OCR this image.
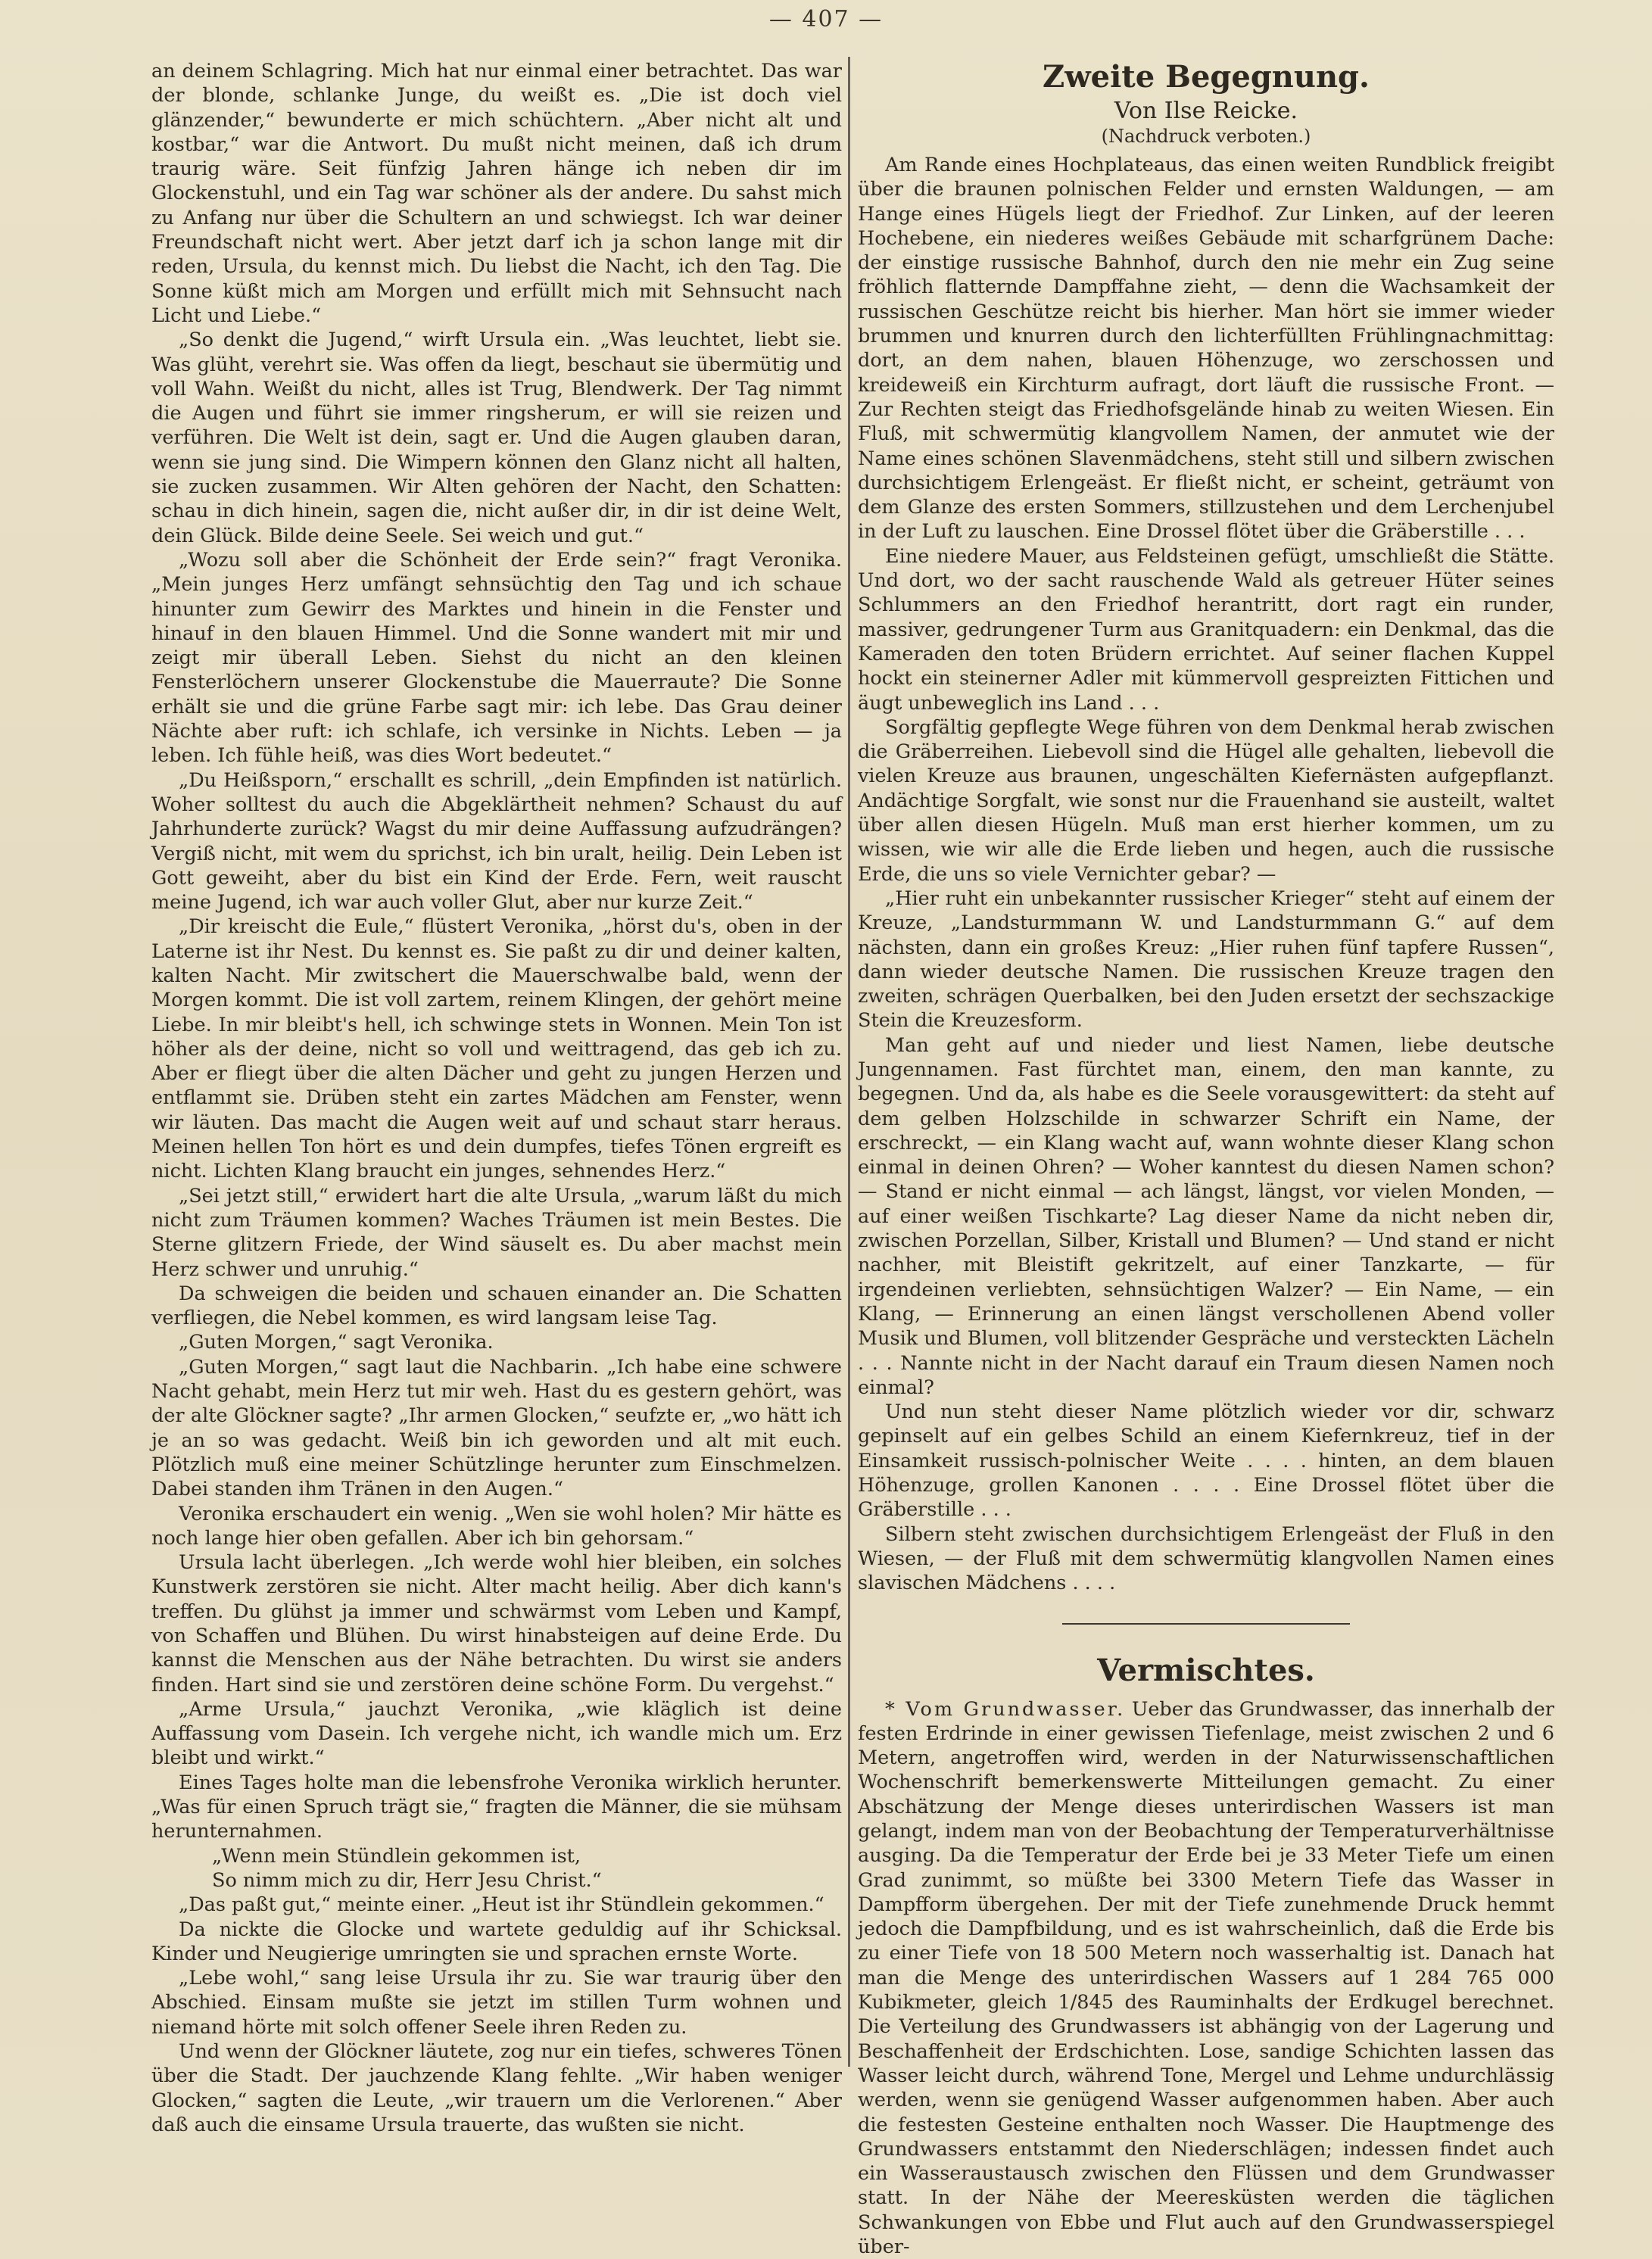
— 407 —

an deinem Schlagring. Mich hat nur einmal einer betrachtet. Das war der blonde, schlanke Junge, du weißt es. „Die ist doch viel glänzender,“ bewunderte er mich schüchtern. „Aber nicht alt und kostbar,“ war die Antwort. Du mußt nicht meinen, daß ich drum traurig wäre. Seit fünfzig Jahren hänge ich neben dir im Glockenstuhl, und ein Tag war schöner als der andere. Du sahst mich zu Anfang nur über die Schultern an und schwiegst. Ich war deiner Freundschaft nicht wert. Aber jetzt darf ich ja schon lange mit dir reden, Ursula, du kennst mich. Du liebst die Nacht, ich den Tag. Die Sonne küßt mich am Morgen und erfüllt mich mit Sehnsucht nach Licht und Liebe.“

„So denkt die Jugend,“ wirft Ursula ein. „Was leuchtet, liebt sie. Was glüht, verehrt sie. Was offen da liegt, beschaut sie übermütig und voll Wahn. Weißt du nicht, alles ist Trug, Blendwerk. Der Tag nimmt die Augen und führt sie immer ringsherum, er will sie reizen und verführen. Die Welt ist dein, sagt er. Und die Augen glauben daran, wenn sie jung sind. Die Wimpern können den Glanz nicht all halten, sie zucken zusammen. Wir Alten gehören der Nacht, den Schatten: schau in dich hinein, sagen die, nicht außer dir, in dir ist deine Welt, dein Glück. Bilde deine Seele. Sei weich und gut.“

„Wozu soll aber die Schönheit der Erde sein?“ fragt Veronika. „Mein junges Herz umfängt sehnsüchtig den Tag und ich schaue hinunter zum Gewirr des Marktes und hinein in die Fenster und hinauf in den blauen Himmel. Und die Sonne wandert mit mir und zeigt mir überall Leben. Siehst du nicht an den kleinen Fensterlöchern unserer Glockenstube die Mauerraute? Die Sonne erhält sie und die grüne Farbe sagt mir: ich lebe. Das Grau deiner Nächte aber ruft: ich schlafe, ich versinke in Nichts. Leben — ja leben. Ich fühle heiß, was dies Wort bedeutet.“

„Du Heißsporn,“ erschallt es schrill, „dein Empfinden ist natürlich. Woher solltest du auch die Abgeklärtheit nehmen? Schaust du auf Jahrhunderte zurück? Wagst du mir deine Auffassung aufzudrängen? Vergiß nicht, mit wem du sprichst, ich bin uralt, heilig. Dein Leben ist Gott geweiht, aber du bist ein Kind der Erde. Fern, weit rauscht meine Jugend, ich war auch voller Glut, aber nur kurze Zeit.“

„Dir kreischt die Eule,“ flüstert Veronika, „hörst du's, oben in der Laterne ist ihr Nest. Du kennst es. Sie paßt zu dir und deiner kalten, kalten Nacht. Mir zwitschert die Mauerschwalbe bald, wenn der Morgen kommt. Die ist voll zartem, reinem Klingen, der gehört meine Liebe. In mir bleibt's hell, ich schwinge stets in Wonnen. Mein Ton ist höher als der deine, nicht so voll und weittragend, das geb ich zu. Aber er fliegt über die alten Dächer und geht zu jungen Herzen und entflammt sie. Drüben steht ein zartes Mädchen am Fenster, wenn wir läuten. Das macht die Augen weit auf und schaut starr heraus. Meinen hellen Ton hört es und dein dumpfes, tiefes Tönen ergreift es nicht. Lichten Klang braucht ein junges, sehnendes Herz.“

„Sei jetzt still,“ erwidert hart die alte Ursula, „warum läßt du mich nicht zum Träumen kommen? Waches Träumen ist mein Bestes. Die Sterne glitzern Friede, der Wind säuselt es. Du aber machst mein Herz schwer und unruhig.“

Da schweigen die beiden und schauen einander an. Die Schatten verfliegen, die Nebel kommen, es wird langsam leise Tag.

„Guten Morgen,“ sagt Veronika.

„Guten Morgen,“ sagt laut die Nachbarin. „Ich habe eine schwere Nacht gehabt, mein Herz tut mir weh. Hast du es gestern gehört, was der alte Glöckner sagte? „Ihr armen Glocken,“ seufzte er, „wo hätt ich je an so was gedacht. Weiß bin ich geworden und alt mit euch. Plötzlich muß eine meiner Schützlinge herunter zum Einschmelzen. Dabei standen ihm Tränen in den Augen.“

Veronika erschaudert ein wenig. „Wen sie wohl holen? Mir hätte es noch lange hier oben gefallen. Aber ich bin gehorsam.“

Ursula lacht überlegen. „Ich werde wohl hier bleiben, ein solches Kunstwerk zerstören sie nicht. Alter macht heilig. Aber dich kann's treffen. Du glühst ja immer und schwärmst vom Leben und Kampf, von Schaffen und Blühen. Du wirst hinabsteigen auf deine Erde. Du kannst die Menschen aus der Nähe betrachten. Du wirst sie anders finden. Hart sind sie und zerstören deine schöne Form. Du vergehst.“

„Arme Ursula,“ jauchzt Veronika, „wie kläglich ist deine Auffassung vom Dasein. Ich vergehe nicht, ich wandle mich um. Erz bleibt und wirkt.“

Eines Tages holte man die lebensfrohe Veronika wirklich herunter. „Was für einen Spruch trägt sie,“ fragten die Männer, die sie mühsam herunternahmen.

„Wenn mein Stündlein gekommen ist,
So nimm mich zu dir, Herr Jesu Christ.“

„Das paßt gut,“ meinte einer. „Heut ist ihr Stündlein gekommen.“

Da nickte die Glocke und wartete geduldig auf ihr Schicksal. Kinder und Neugierige umringten sie und sprachen ernste Worte.

„Lebe wohl,“ sang leise Ursula ihr zu. Sie war traurig über den Abschied. Einsam mußte sie jetzt im stillen Turm wohnen und niemand hörte mit solch offener Seele ihren Reden zu.

Und wenn der Glöckner läutete, zog nur ein tiefes, schweres Tönen über die Stadt. Der jauchzende Klang fehlte. „Wir haben weniger Glocken,“ sagten die Leute, „wir trauern um die Verlorenen.“ Aber daß auch die einsame Ursula trauerte, das wußten sie nicht.

Zweite Begegnung.
Von Ilse Reicke.
(Nachdruck verboten.)

Am Rande eines Hochplateaus, das einen weiten Rundblick freigibt über die braunen polnischen Felder und ernsten Waldungen, — am Hange eines Hügels liegt der Friedhof. Zur Linken, auf der leeren Hochebene, ein niederes weißes Gebäude mit scharfgrünem Dache: der einstige russische Bahnhof, durch den nie mehr ein Zug seine fröhlich flatternde Dampffahne zieht, — denn die Wachsamkeit der russischen Geschütze reicht bis hierher. Man hört sie immer wieder brummen und knurren durch den lichterfüllten Frühlingnachmittag: dort, an dem nahen, blauen Höhenzuge, wo zerschossen und kreideweiß ein Kirchturm aufragt, dort läuft die russische Front. — Zur Rechten steigt das Friedhofsgelände hinab zu weiten Wiesen. Ein Fluß, mit schwermütig klangvollem Namen, der anmutet wie der Name eines schönen Slavenmädchens, steht still und silbern zwischen durchsichtigem Erlengeäst. Er fließt nicht, er scheint, geträumt von dem Glanze des ersten Sommers, stillzustehen und dem Lerchenjubel in der Luft zu lauschen. Eine Drossel flötet über die Gräberstille . . .

Eine niedere Mauer, aus Feldsteinen gefügt, umschließt die Stätte. Und dort, wo der sacht rauschende Wald als getreuer Hüter seines Schlummers an den Friedhof herantritt, dort ragt ein runder, massiver, gedrungener Turm aus Granitquadern: ein Denkmal, das die Kameraden den toten Brüdern errichtet. Auf seiner flachen Kuppel hockt ein steinerner Adler mit kümmervoll gespreizten Fittichen und äugt unbeweglich ins Land . . .

Sorgfältig gepflegte Wege führen von dem Denkmal herab zwischen die Gräberreihen. Liebevoll sind die Hügel alle gehalten, liebevoll die vielen Kreuze aus braunen, ungeschälten Kiefernästen aufgepflanzt. Andächtige Sorgfalt, wie sonst nur die Frauenhand sie austeilt, waltet über allen diesen Hügeln. Muß man erst hierher kommen, um zu wissen, wie wir alle die Erde lieben und hegen, auch die russische Erde, die uns so viele Vernichter gebar? —

„Hier ruht ein unbekannter russischer Krieger“ steht auf einem der Kreuze, „Landsturmmann W. und Landsturmmann G.“ auf dem nächsten, dann ein großes Kreuz: „Hier ruhen fünf tapfere Russen“, dann wieder deutsche Namen. Die russischen Kreuze tragen den zweiten, schrägen Querbalken, bei den Juden ersetzt der sechszackige Stein die Kreuzesform.

Man geht auf und nieder und liest Namen, liebe deutsche Jungennamen. Fast fürchtet man, einem, den man kannte, zu begegnen. Und da, als habe es die Seele vorausgewittert: da steht auf dem gelben Holzschilde in schwarzer Schrift ein Name, der erschreckt, — ein Klang wacht auf, wann wohnte dieser Klang schon einmal in deinen Ohren? — Woher kanntest du diesen Namen schon? — Stand er nicht einmal — ach längst, längst, vor vielen Monden, — auf einer weißen Tischkarte? Lag dieser Name da nicht neben dir, zwischen Porzellan, Silber, Kristall und Blumen? — Und stand er nicht nachher, mit Bleistift gekritzelt, auf einer Tanzkarte, — für irgendeinen verliebten, sehnsüchtigen Walzer? — Ein Name, — ein Klang, — Erinnerung an einen längst verschollenen Abend voller Musik und Blumen, voll blitzender Gespräche und versteckten Lächeln . . . Nannte nicht in der Nacht darauf ein Traum diesen Namen noch einmal?

Und nun steht dieser Name plötzlich wieder vor dir, schwarz gepinselt auf ein gelbes Schild an einem Kiefernkreuz, tief in der Einsamkeit russisch-polnischer Weite . . . . hinten, an dem blauen Höhenzuge, grollen Kanonen . . . . Eine Drossel flötet über die Gräberstille . . .

Silbern steht zwischen durchsichtigem Erlengeäst der Fluß in den Wiesen, — der Fluß mit dem schwermütig klangvollen Namen eines slavischen Mädchens . . . .

Vermischtes.

* Vom Grundwasser. Ueber das Grundwasser, das innerhalb der festen Erdrinde in einer gewissen Tiefenlage, meist zwischen 2 und 6 Metern, angetroffen wird, werden in der Naturwissenschaftlichen Wochenschrift bemerkenswerte Mitteilungen gemacht. Zu einer Abschätzung der Menge dieses unterirdischen Wassers ist man gelangt, indem man von der Beobachtung der Temperaturverhältnisse ausging. Da die Temperatur der Erde bei je 33 Meter Tiefe um einen Grad zunimmt, so müßte bei 3300 Metern Tiefe das Wasser in Dampfform übergehen. Der mit der Tiefe zunehmende Druck hemmt jedoch die Dampfbildung, und es ist wahrscheinlich, daß die Erde bis zu einer Tiefe von 18 500 Metern noch wasserhaltig ist. Danach hat man die Menge des unterirdischen Wassers auf 1 284 765 000 Kubikmeter, gleich 1/845 des Rauminhalts der Erdkugel berechnet. Die Verteilung des Grundwassers ist abhängig von der Lagerung und Beschaffenheit der Erdschichten. Lose, sandige Schichten lassen das Wasser leicht durch, während Tone, Mergel und Lehme undurchlässig werden, wenn sie genügend Wasser aufgenommen haben. Aber auch die festesten Gesteine enthalten noch Wasser. Die Hauptmenge des Grundwassers entstammt den Niederschlägen; indessen findet auch ein Wasseraustausch zwischen den Flüssen und dem Grundwasser statt. In der Nähe der Meeresküsten werden die täglichen Schwankungen von Ebbe und Flut auch auf den Grundwasserspiegel über-
